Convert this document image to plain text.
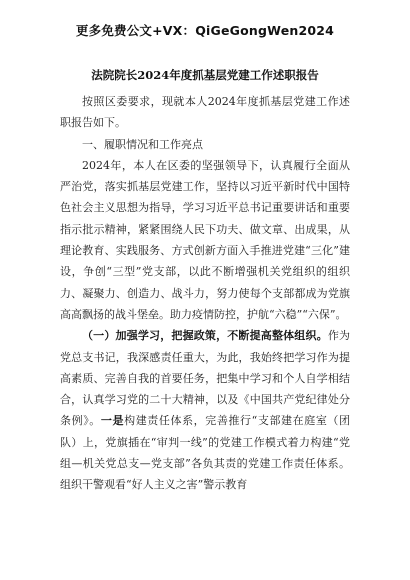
更多免费公文+VX：QiGeGongWen2024
法院院长2024年度抓基层党建工作述职报告

按照区委要求，现就本人2024年度抓基层党建工作述职报告如下。

一、履职情况和工作亮点

2024年，本人在区委的坚强领导下，认真履行全面从严治党，落实抓基层党建工作，坚持以习近平新时代中国特色社会主义思想为指导，学习习近平总书记重要讲话和重要指示批示精神，紧紧围绕人民下功夫、做文章、出成果，从理论教育、实践服务、方式创新方面入手推进党建“三化”建设，争创“三型”党支部，以此不断增强机关党组织的组织力、凝聚力、创造力、战斗力，努力使每个支部都成为党旗高高飘扬的战斗堡垒。助力疫情防控，护航“六稳”“六保”。

（一）加强学习，把握政策，不断提高整体组织。作为党总支书记，我深感责任重大，为此，我始终把学习作为提高素质、完善自我的首要任务，把集中学习和个人自学相结合，认真学习党的二十大精神，以及《中国共产党纪律处分条例》。一是构建责任体系，完善推行“支部建在庭室（团队）上，党旗插在“审判一线”的党建工作模式着力构建“党组—机关党总支—党支部”各负其责的党建工作责任体系。组织干警观看“好人主义之害”警示教育
